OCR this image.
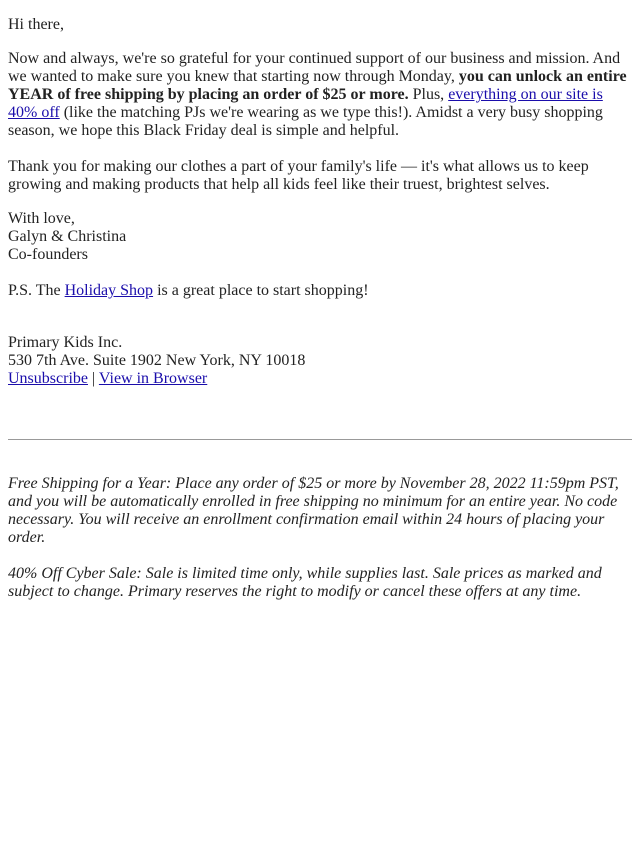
Hi there,

Now and always, we're so grateful for your continued support of our business and mission. And we wanted to make sure you knew that starting now through Monday, you can unlock an entire YEAR of free shipping by placing an order of $25 or more. Plus, everything on our site is 40% off (like the matching PJs we're wearing as we type this!). Amidst a very busy shopping season, we hope this Black Friday deal is simple and helpful.

Thank you for making our clothes a part of your family's life — it's what allows us to keep growing and making products that help all kids feel like their truest, brightest selves.

With love,
Galyn & Christina
Co-founders

P.S. The Holiday Shop is a great place to start shopping!

Primary Kids Inc.
530 7th Ave. Suite 1902 New York, NY 10018
Unsubscribe | View in Browser

Free Shipping for a Year: Place any order of $25 or more by November 28, 2022 11:59pm PST, and you will be automatically enrolled in free shipping no minimum for an entire year. No code necessary. You will receive an enrollment confirmation email within 24 hours of placing your order.

40% Off Cyber Sale: Sale is limited time only, while supplies last. Sale prices as marked and subject to change. Primary reserves the right to modify or cancel these offers at any time.
